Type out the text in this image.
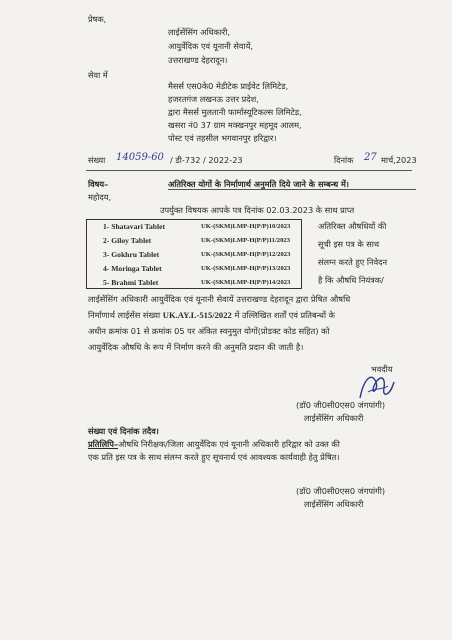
प्रेषक,
लाईसेंसिंग अधिकारी,
आयुर्वेदिक एवं यूनानी सेवायें,
उत्तराखण्ड देहरादून।
सेवा में
मैसर्स एस0के0 मेडीटेक प्राईवेट लिमिटेड,
हजरतगंज लखनऊ उत्तर प्रदेश,
द्वारा मैसर्स मुलतानी फार्मास्यूटिकल्स लिमिटेड,
खसरा नं0 37 ग्राम मक्खनपुर महमूद आलम,
पोस्ट एवं तहसील भगवानपुर हरिद्वार।
संख्या 14059-60 / डी-732 / 2022-23	दिनांक 27 मार्च,2023
विषय–	अतिरिक्त योगों के निर्माणार्थ अनुमति दिये जाने के सम्बन्ध में।
महोदय,
उपर्युक्त विषयक आपके पत्र दिनांक 02.03.2023 के साथ प्राप्त
1- Shatavari Tablet	UK-(SKM)LMP-H(P/P)10/2023
2- Giloy Tablet	UK-(SKM)LMP-H(P/P)11/2023
3- Gokhru Tablet	UK-(SKM)LMP-H(P/P)12/2023
4- Moringa Tablet	UK-(SKM)LMP-H(P/P)13/2023
5- Brahmi Tablet	UK-(SKM)LMP-H(P/P)14/2023
अतिरिक्त औषधियों की
सूची इस पत्र के साथ
संलग्न करते हुए निवेदन
है कि औषधि नियंत्रक/
लाईसेंसिंग अधिकारी आयुर्वेदिक एवं यूनानी सेवायें उत्तराखण्ड देहरादून द्वारा प्रेषित औषधि
निर्माणार्थ लाईसेंस संख्या UK.AY.L-515/2022 में उल्लिखित शर्तों एवं प्रतिबन्धों के
अधीन क्रमांक 01 से क्रमांक 05 पर अंकित स्वनुमुत योगों(प्रोडक्ट कोड सहित) को
आयुर्वेदिक औषधि के रूप में निर्माण करने की अनुमति प्रदान की जाती है।
भवदीय
(डॉ0 जी0सी0एस0 जंगपांगी)
लाईसेंसिंग अधिकारी
संख्या एवं दिनांक तदैव।
प्रतिलिपि–औषधि निरीक्षक/जिला आयुर्वेदिक एवं यूनानी अधिकारी हरिद्वार को उक्त की
एक प्रति इस पत्र के साथ संलग्न करते हुए सूचनार्थ एवं आवश्यक कार्यवाही हेतु प्रेषित।
(डॉ0 जी0सी0एस0 जंगपांगी)
लाईसेंसिंग अधिकारी
